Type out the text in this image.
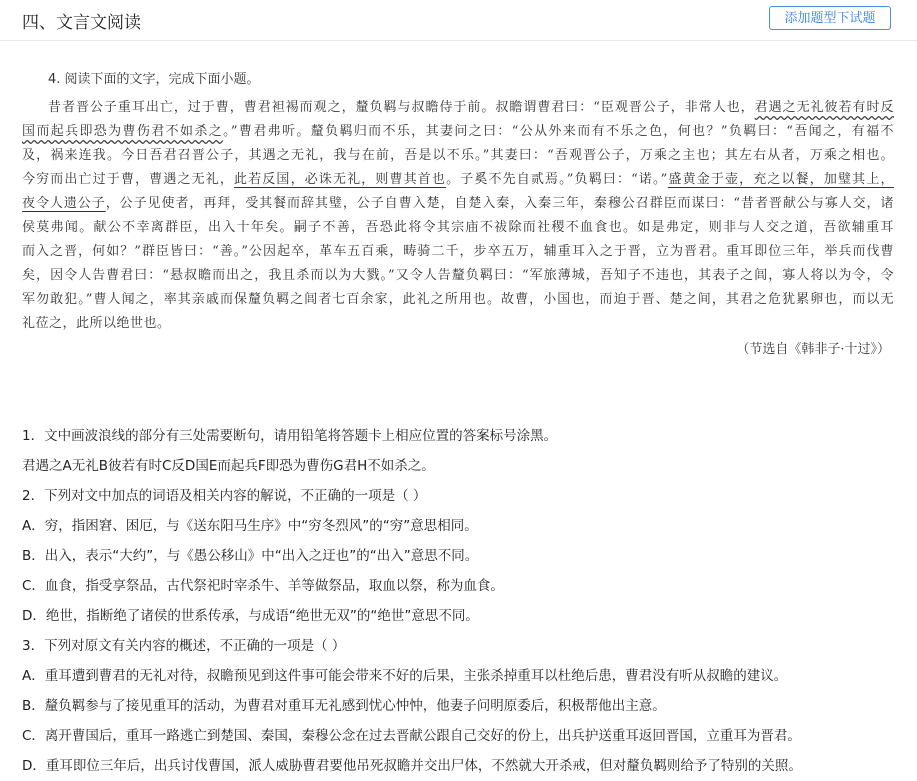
四、文言文阅读	添加题型下试题
4. 阅读下面的文字，完成下面小题。
昔者晋公子重耳出亡，过于曹，曹君袒裼而观之，釐负羁与叔瞻侍于前。叔瞻谓曹君曰：“臣观晋公子，非常人也，君遇之无礼彼若有时反
国而起兵即恐为曹伤君不如杀之。”曹君弗听。釐负羁归而不乐，其妻问之曰：“公从外来而有不乐之色，何也？”负羁曰：“吾闻之，有福不
及，祸来连我。今日吾君召晋公子，其遇之无礼，我与在前，吾是以不乐。”其妻曰：“吾观晋公子，万乘之主也；其左右从者，万乘之相也。
今穷而出亡过于曹，曹遇之无礼，此若反国，必诛无礼，则曹其首也。子奚不先自贰焉。”负羁曰：“诺。”盛黄金于壶，充之以餐，加璧其上，
夜令人遗公子，公子见使者，再拜，受其餐而辞其璧，公子自曹入楚，自楚入秦，入秦三年，秦穆公召群臣而谋曰：“昔者晋献公与寡人交，诸
侯莫弗闻。献公不幸离群臣，出入十年矣。嗣子不善，吾恐此将令其宗庙不祓除而社稷不血食也。如是弗定，则非与人交之道，吾欲辅重耳
而入之晋，何如？”群臣皆曰：“善。”公因起卒，革车五百乘，畴骑二千，步卒五万，辅重耳入之于晋，立为晋君。重耳即位三年，举兵而伐曹
矣，因令人告曹君曰：“悬叔瞻而出之，我且杀而以为大戮。”又令人告釐负羁曰：“军旅薄城，吾知子不违也，其表子之闾，寡人将以为令，令
军勿敢犯。”曹人闻之，率其亲戚而保釐负羁之闾者七百余家，此礼之所用也。故曹，小国也，而迫于晋、楚之间，其君之危犹累卵也，而以无
礼莅之，此所以绝世也。
（节选自《韩非子·十过》）
1．文中画波浪线的部分有三处需要断句，请用铅笔将答题卡上相应位置的答案标号涂黑。
君遇之A无礼B彼若有时C反D国E而起兵F即恐为曹伤G君H不如杀之。
2．下列对文中加点的词语及相关内容的解说，不正确的一项是（ ）
A．穷，指困窘、困厄，与《送东阳马生序》中“穷冬烈风”的“穷”意思相同。
B．出入，表示“大约”，与《愚公移山》中“出入之迂也”的“出入”意思不同。
C．血食，指受享祭品，古代祭祀时宰杀牛、羊等做祭品，取血以祭，称为血食。
D．绝世，指断绝了诸侯的世系传承，与成语“绝世无双”的“绝世”意思不同。
3．下列对原文有关内容的概述，不正确的一项是（ ）
A．重耳遭到曹君的无礼对待，叔瞻预见到这件事可能会带来不好的后果，主张杀掉重耳以杜绝后患，曹君没有听从叔瞻的建议。
B．釐负羁参与了接见重耳的活动，为曹君对重耳无礼感到忧心忡忡，他妻子问明原委后，积极帮他出主意。
C．离开曹国后，重耳一路逃亡到楚国、秦国，秦穆公念在过去晋献公跟自己交好的份上，出兵护送重耳返回晋国，立重耳为晋君。
D．重耳即位三年后，出兵讨伐曹国，派人威胁曹君要他吊死叔瞻并交出尸体，不然就大开杀戒，但对釐负羁则给予了特别的关照。
